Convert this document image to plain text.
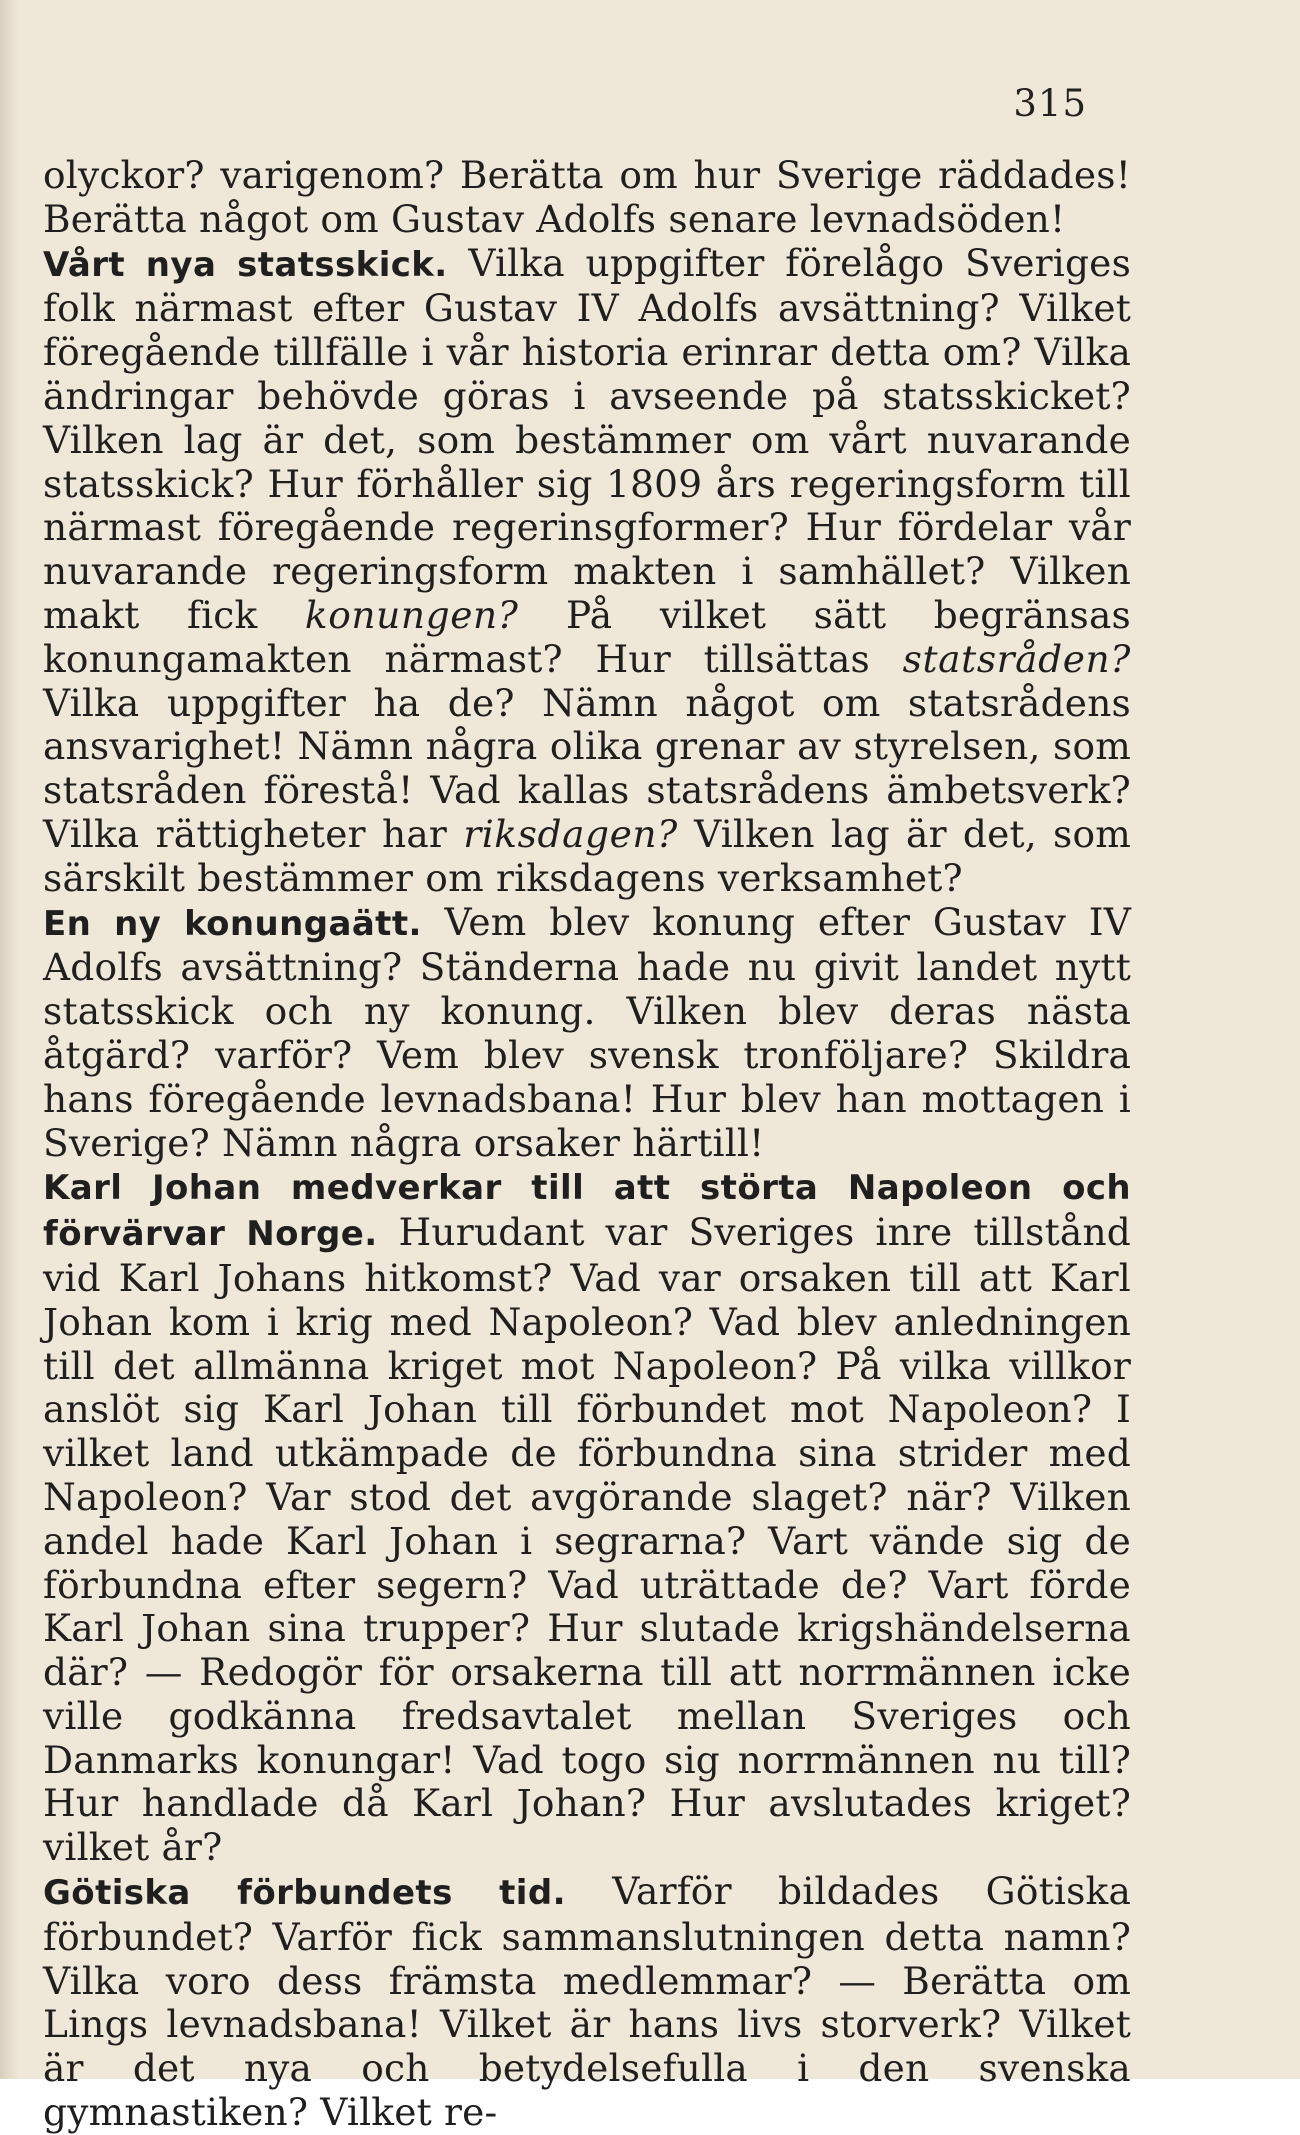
315

olyckor? varigenom? Berätta om hur Sverige räddades! Berätta något om Gustav Adolfs senare levnadsöden!

Vårt nya statsskick. Vilka uppgifter förelågo Sveriges folk närmast efter Gustav IV Adolfs avsättning? Vilket föregående tillfälle i vår historia erinrar detta om? Vilka ändringar behövde göras i avseende på statsskicket? Vilken lag är det, som bestämmer om vårt nuvarande statsskick? Hur förhåller sig 1809 års regeringsform till närmast föregående regerinsgformer? Hur fördelar vår nuvarande regeringsform makten i samhället? Vilken makt fick konungen? På vilket sätt begränsas konungamakten närmast? Hur tillsättas statsråden? Vilka uppgifter ha de? Nämn något om statsrådens ansvarighet! Nämn några olika grenar av styrelsen, som statsråden förestå! Vad kallas statsrådens ämbetsverk? Vilka rättigheter har riksdagen? Vilken lag är det, som särskilt bestämmer om riksdagens verksamhet?

En ny konungaätt. Vem blev konung efter Gustav IV Adolfs avsättning? Ständerna hade nu givit landet nytt statsskick och ny konung. Vilken blev deras nästa åtgärd? varför? Vem blev svensk tronföljare? Skildra hans föregående levnadsbana! Hur blev han mottagen i Sverige? Nämn några orsaker härtill!

Karl Johan medverkar till att störta Napoleon och förvärvar Norge. Hurudant var Sveriges inre tillstånd vid Karl Johans hitkomst? Vad var orsaken till att Karl Johan kom i krig med Napoleon? Vad blev anledningen till det allmänna kriget mot Napoleon? På vilka villkor anslöt sig Karl Johan till förbundet mot Napoleon? I vilket land utkämpade de förbundna sina strider med Napoleon? Var stod det avgörande slaget? när? Vilken andel hade Karl Johan i segrarna? Vart vände sig de förbundna efter segern? Vad uträttade de? Vart förde Karl Johan sina trupper? Hur slutade krigshändelserna där? — Redogör för orsakerna till att norrmännen icke ville godkänna fredsavtalet mellan Sveriges och Danmarks konungar! Vad togo sig norrmännen nu till? Hur handlade då Karl Johan? Hur avslutades kriget? vilket år?

Götiska förbundets tid. Varför bildades Götiska förbundet? Varför fick sammanslutningen detta namn? Vilka voro dess främsta medlemmar? — Berätta om Lings levnadsbana! Vilket är hans livs storverk? Vilket är det nya och betydelsefulla i den svenska gymnastiken? Vilket re-
